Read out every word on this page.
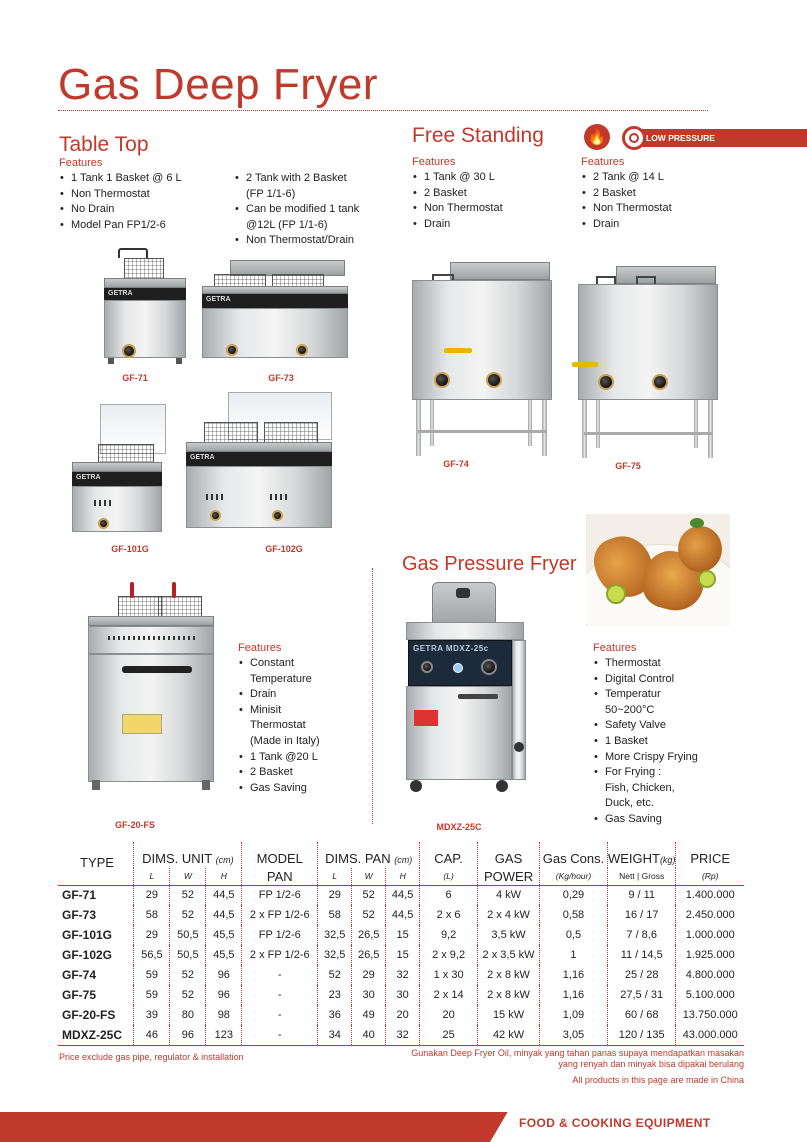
Gas Deep Fryer
Table Top
Features
• 1 Tank 1 Basket @ 6 L
• Non Thermostat
• No Drain
• Model Pan FP1/2-6
• 2 Tank with 2 Basket
(FP 1/1-6)
• Can be modified 1 tank
@12L (FP 1/1-6)
• Non Thermostat/Drain
GETRA
GF-71
GETRA
GF-73
GETRA
GF-101G
GETRA
GF-102G
Free Standing	🔥	LOW PRESSURE
Features
• 1 Tank @ 30 L
• 2 Basket
• Non Thermostat
• Drain
Features
• 2 Tank @ 14 L
• 2 Basket
• Non Thermostat
• Drain
GF-74	GF-75
GF-20-FS
Features
• Constant
Temperature
• Drain
• Minisit
Thermostat
(Made in Italy)
• 1 Tank @20 L
• 2 Basket
• Gas Saving
Gas Pressure Fryer
GETRA MDXZ-25c
MDXZ-25C
Features
• Thermostat
• Digital Control
• Temperatur
50~200°C
• Safety Valve
• 1 Basket
• More Crispy Frying
• For Frying :
Fish, Chicken,
Duck, etc.
• Gas Saving
TYPE	DIMS. UNIT (cm)			MODEL	DIMS. PAN (cm)			CAP.	GAS	Gas Cons.	WEIGHT(kg)	PRICE
	L	W	H	PAN	L	W	H	(L)	POWER	(Kg/hour)	Nett | Gross	(Rp)
GF-71	29	52	44,5	FP 1/2-6	29	52	44,5	6	4 kW	0,29	9 / 11	1.400.000
GF-73	58	52	44,5	2 x FP 1/2-6	58	52	44,5	2 x 6	2 x 4 kW	0,58	16 / 17	2.450.000
GF-101G	29	50,5	45,5	FP 1/2-6	32,5	26,5	15	9,2	3,5 kW	0,5	7 / 8,6	1.000.000
GF-102G	56,5	50,5	45,5	2 x FP 1/2-6	32,5	26,5	15	2 x 9,2	2 x 3,5 kW	1	11 / 14,5	1.925.000
GF-74	59	52	96	-	52	29	32	1 x 30	2 x 8 kW	1,16	25 / 28	4.800.000
GF-75	59	52	96	-	23	30	30	2 x 14	2 x 8 kW	1,16	27,5 / 31	5.100.000
GF-20-FS	39	80	98	-	36	49	20	20	15 kW	1,09	60 / 68	13.750.000
MDXZ-25C	46	96	123	-	34	40	32	25	42 kW	3,05	120 / 135	43.000.000
Price exclude gas pipe, regulator & installation	Gunakan Deep Fryer Oil, minyak yang tahan panas supaya mendapatkan masakan
yang renyah dan minyak bisa dipakai berulang
All products in this page are made in China
FOOD & COOKING EQUIPMENT
